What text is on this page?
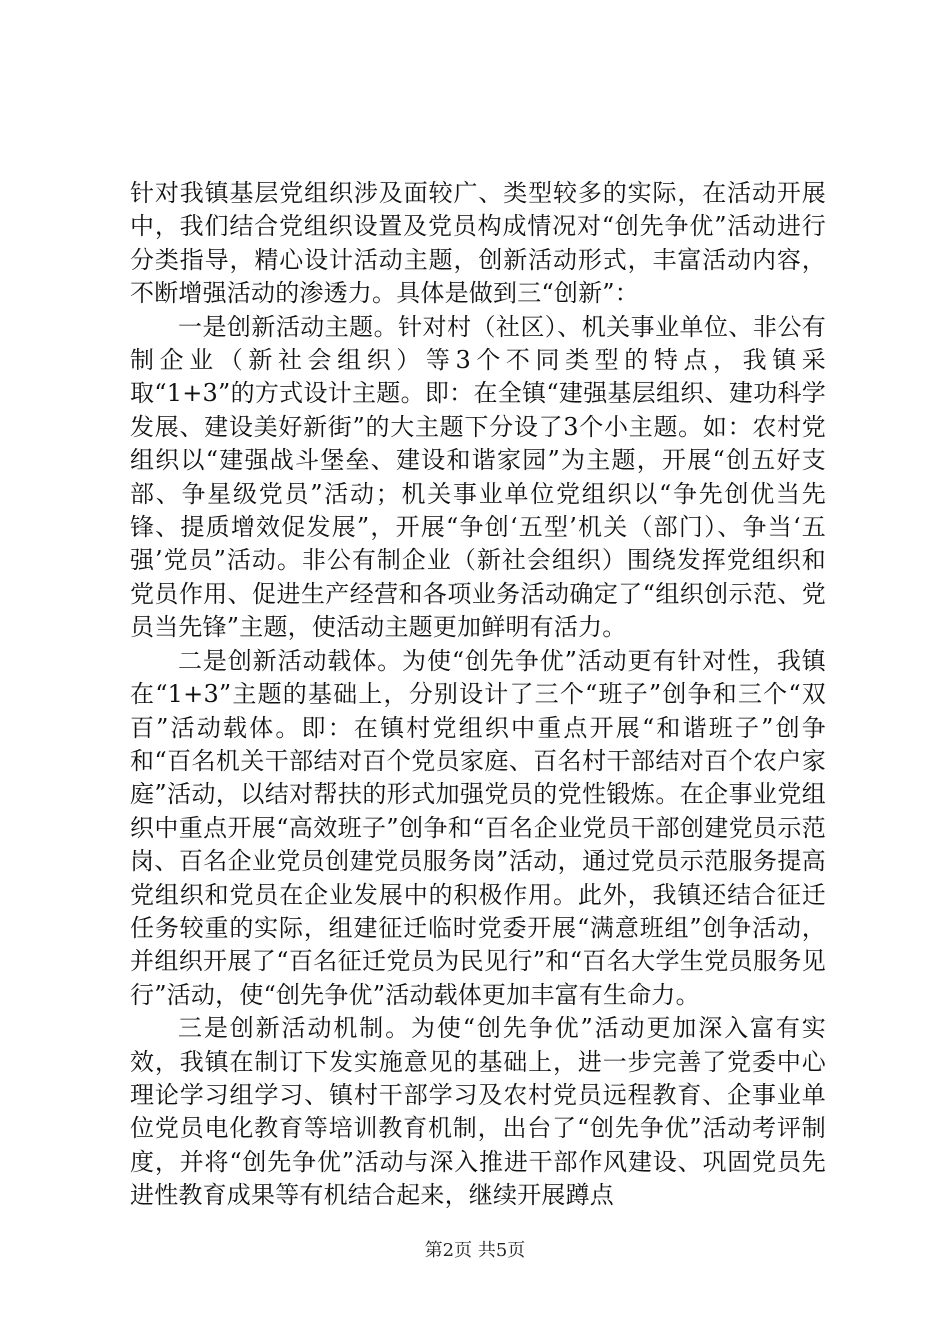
针对我镇基层党组织涉及面较广、类型较多的实际，在活动开展中，我们结合党组织设置及党员构成情况对“创先争优”活动进行分类指导，精心设计活动主题，创新活动形式，丰富活动内容，不断增强活动的渗透力。具体是做到三“创新”：

一是创新活动主题。针对村（社区）、机关事业单位、非公有制企业（新社会组织）等3个不同类型的特点，我镇采取“1+3”的方式设计主题。即：在全镇“建强基层组织、建功科学发展、建设美好新街”的大主题下分设了3个小主题。如：农村党组织以“建强战斗堡垒、建设和谐家园”为主题，开展“创五好支部、争星级党员”活动；机关事业单位党组织以“争先创优当先锋、提质增效促发展”，开展“争创‘五型’机关（部门）、争当‘五强’党员”活动。非公有制企业（新社会组织）围绕发挥党组织和党员作用、促进生产经营和各项业务活动确定了“组织创示范、党员当先锋”主题，使活动主题更加鲜明有活力。

二是创新活动载体。为使“创先争优”活动更有针对性，我镇在“1+3”主题的基础上，分别设计了三个“班子”创争和三个“双百”活动载体。即：在镇村党组织中重点开展“和谐班子”创争和“百名机关干部结对百个党员家庭、百名村干部结对百个农户家庭”活动，以结对帮扶的形式加强党员的党性锻炼。在企事业党组织中重点开展“高效班子”创争和“百名企业党员干部创建党员示范岗、百名企业党员创建党员服务岗”活动，通过党员示范服务提高党组织和党员在企业发展中的积极作用。此外，我镇还结合征迁任务较重的实际，组建征迁临时党委开展“满意班组”创争活动，并组织开展了“百名征迁党员为民见行”和“百名大学生党员服务见行”活动，使“创先争优”活动载体更加丰富有生命力。

三是创新活动机制。为使“创先争优”活动更加深入富有实效，我镇在制订下发实施意见的基础上，进一步完善了党委中心理论学习组学习、镇村干部学习及农村党员远程教育、企事业单位党员电化教育等培训教育机制，出台了“创先争优”活动考评制度，并将“创先争优”活动与深入推进干部作风建设、巩固党员先进性教育成果等有机结合起来，继续开展蹲点

第2页 共5页
